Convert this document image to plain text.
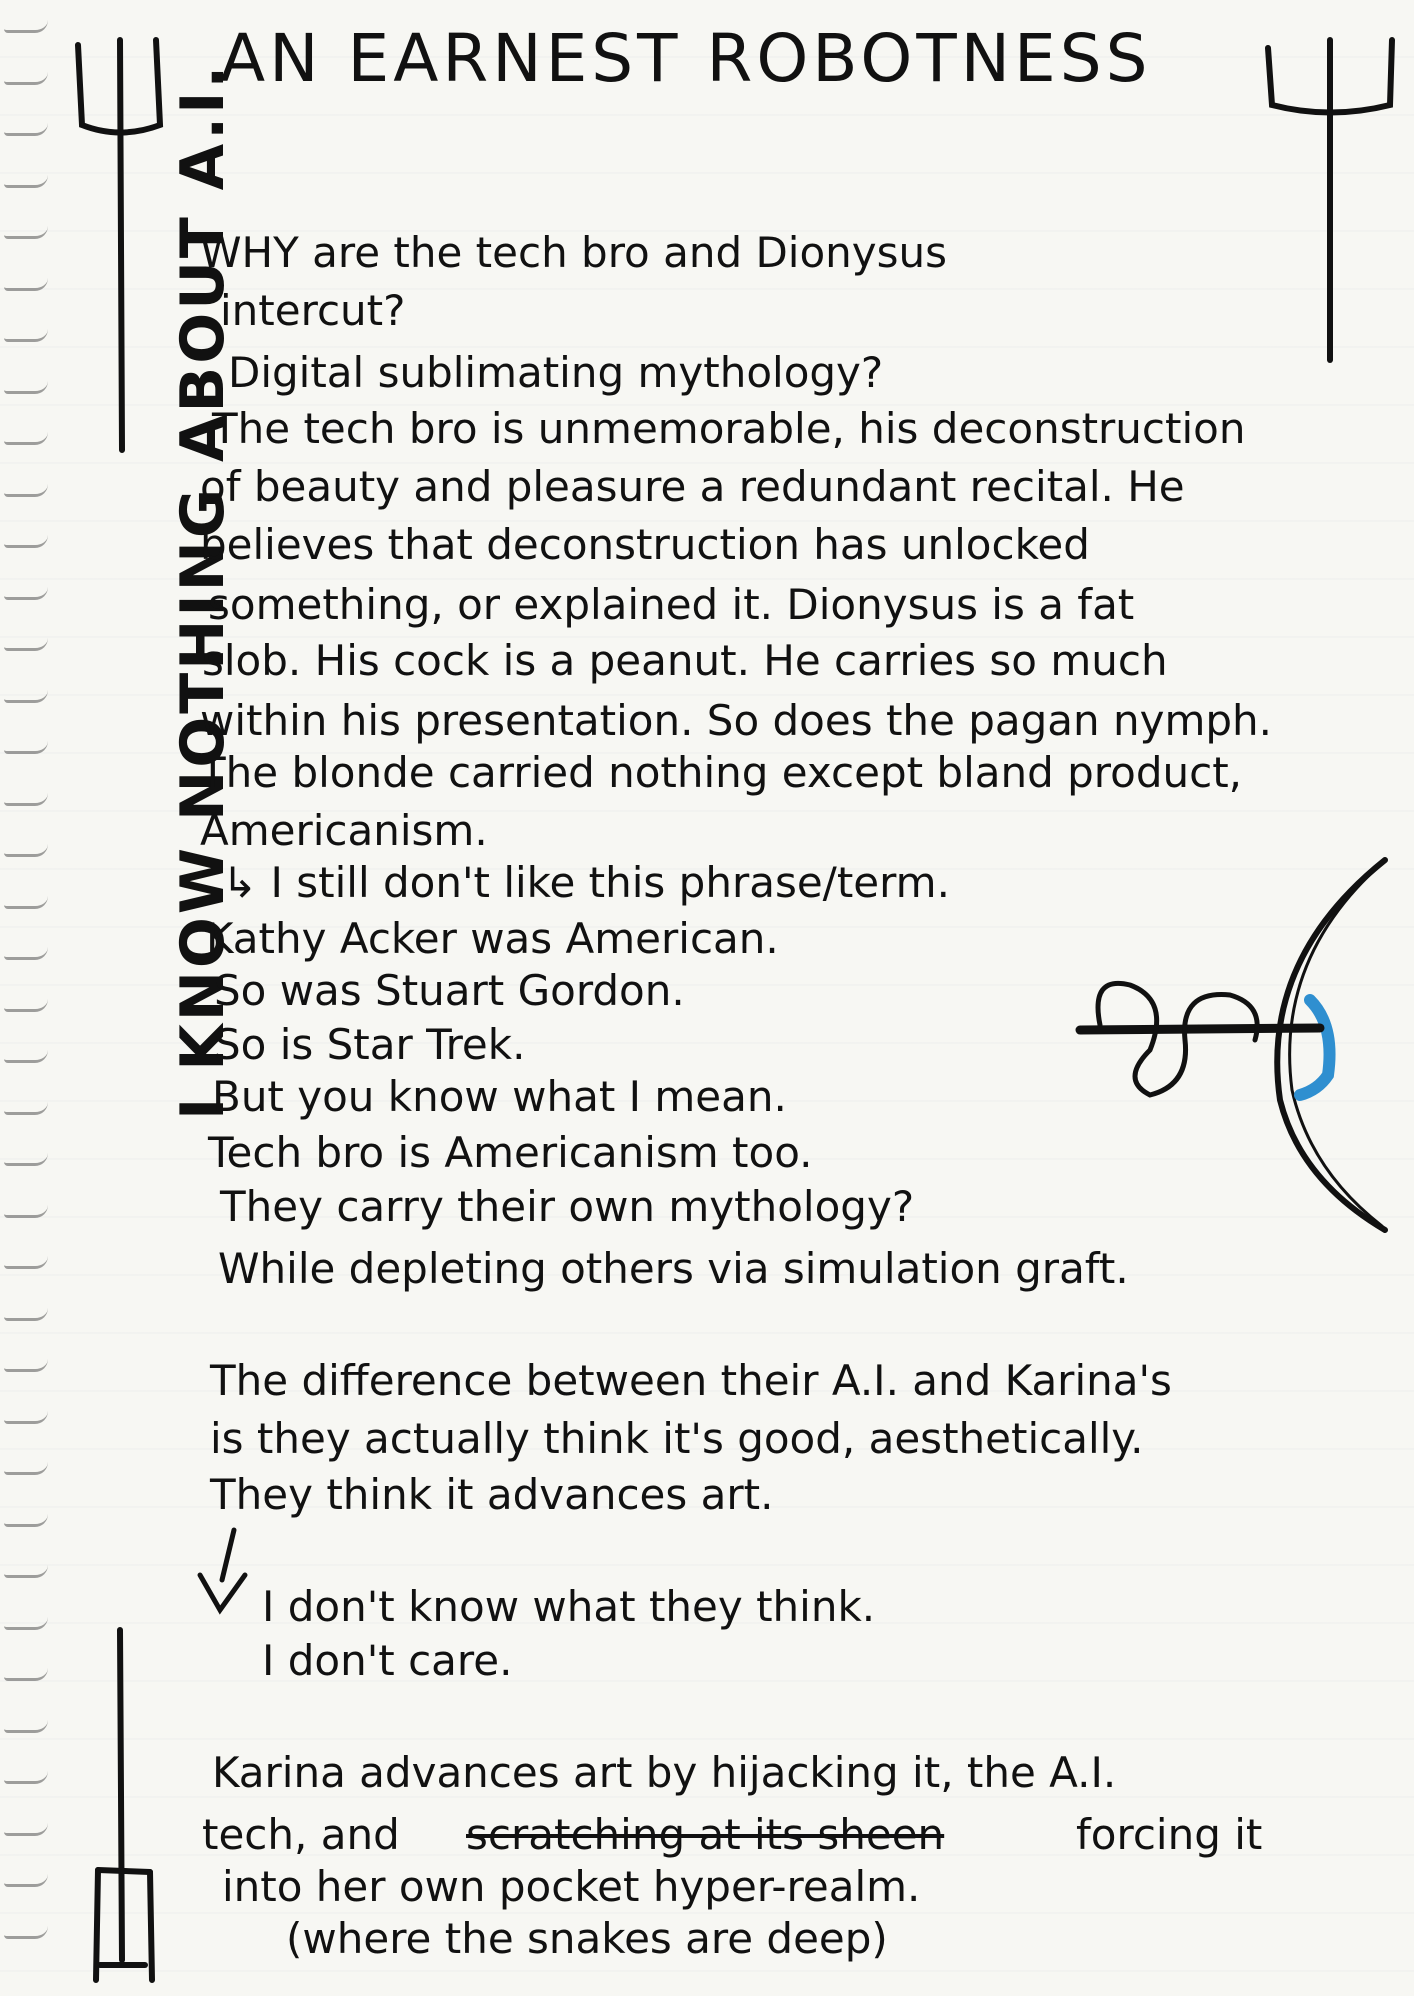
AN EARNEST ROBOTNESS
I KNOW NOTHING ABOUT A.I.
WHY are the tech bro and Dionysus
intercut?
Digital sublimating mythology?
The tech bro is unmemorable, his deconstruction
of beauty and pleasure a redundant recital. He
believes that deconstruction has unlocked
something, or explained it. Dionysus is a fat
slob. His cock is a peanut. He carries so much
within his presentation. So does the pagan nymph.
The blonde carried nothing except bland product,
Americanism.
↳ I still don't like this phrase/term.
Kathy Acker was American.
So was Stuart Gordon.
So is Star Trek.
But you know what I mean.
Tech bro is Americanism too.
They carry their own mythology?
While depleting others via simulation graft.
The difference between their A.I. and Karina's
is they actually think it's good, aesthetically.
They think it advances art.
I don't know what they think.
I don't care.
Karina advances art by hijacking it, the A.I.
tech, and scratching at its sheen	forcing it
into her own pocket hyper-realm.
(where the snakes are deep)
